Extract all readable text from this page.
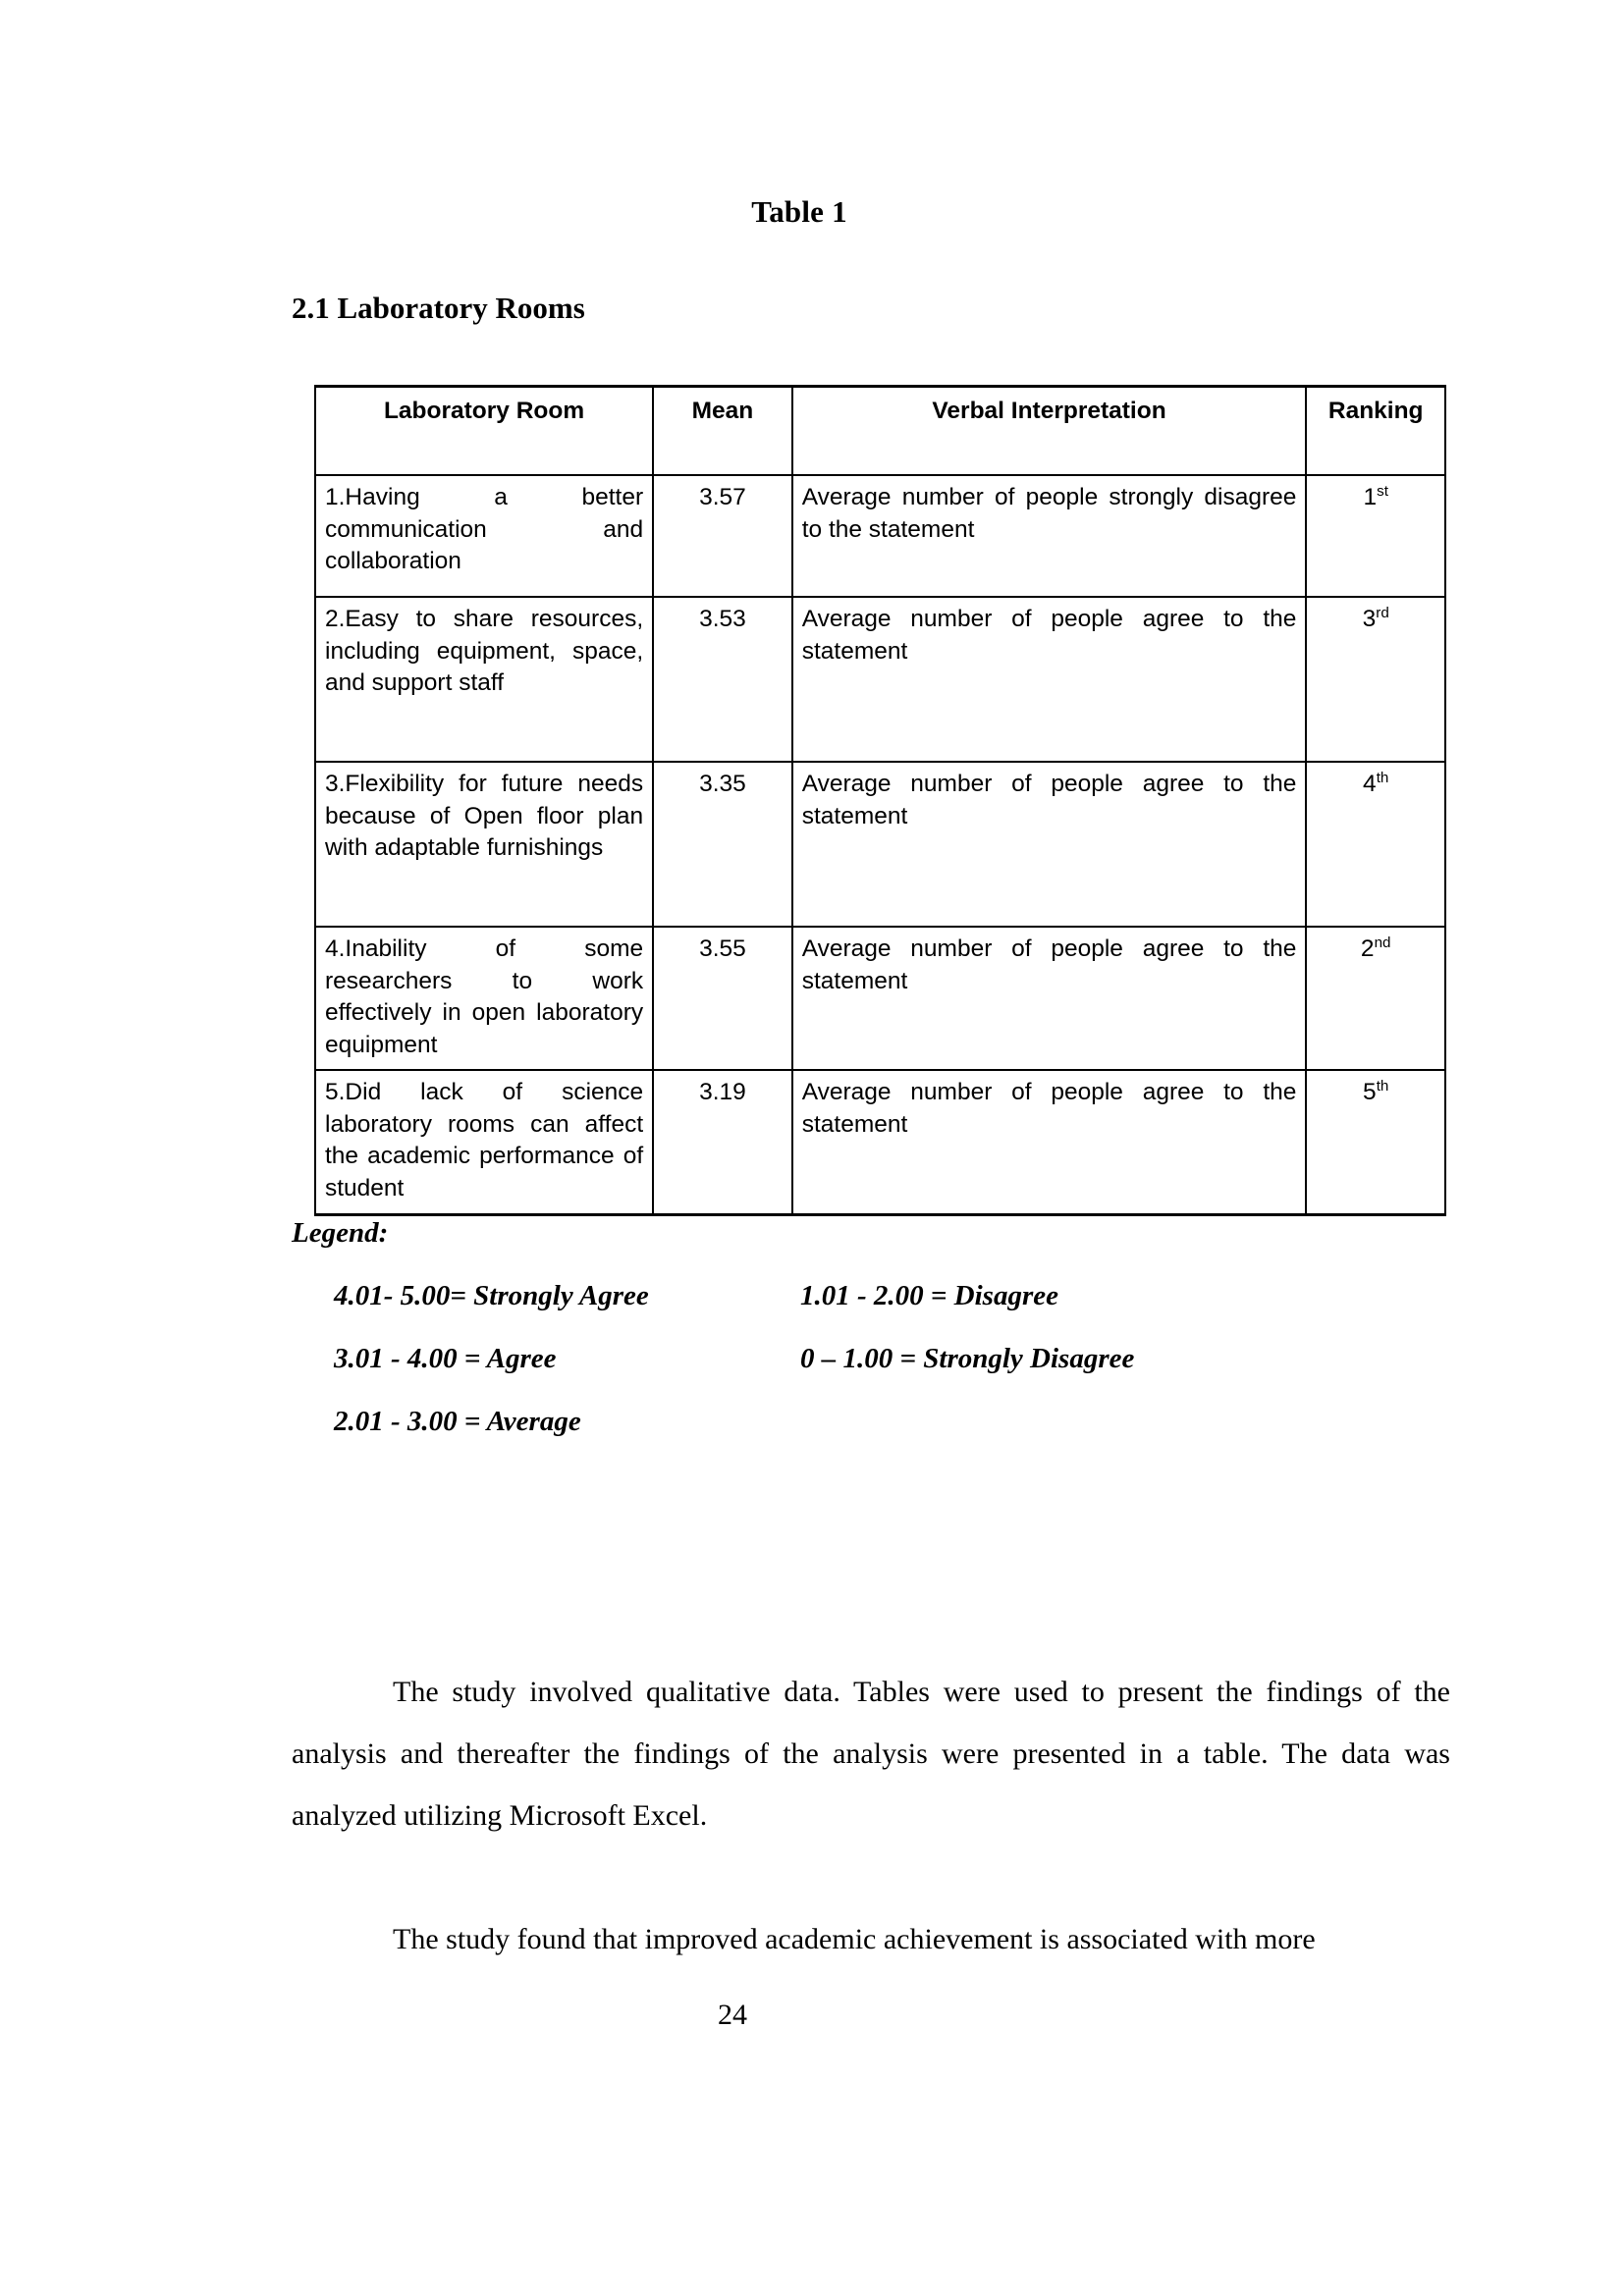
Table 1
2.1 Laboratory Rooms
Laboratory Room	Mean	Verbal Interpretation	Ranking

1.Having a better communication and collaboration	3.57	Average number of people strongly disagree to the statement	1st
2.Easy to share resources, including equipment, space, and support staff	3.53	Average number of people agree to the statement	3rd
3.Flexibility for future needs because of Open floor plan with adaptable furnishings	3.35	Average number of people agree to the statement	4th
4.Inability of some researchers to work effectively in open laboratory equipment	3.55	Average number of people agree to the statement	2nd
5.Did lack of science laboratory rooms can affect the academic performance of student	3.19	Average number of people agree to the statement	5th
Legend:
4.01- 5.00= Strongly Agree	1.01 - 2.00 = Disagree
3.01 - 4.00 = Agree	0 – 1.00 = Strongly Disagree
2.01 - 3.00 = Average

The study involved qualitative data. Tables were used to present the findings of the analysis and thereafter the findings of the analysis were presented in a table. The data was analyzed utilizing Microsoft Excel.

The study found that improved academic achievement is associated with more

24
